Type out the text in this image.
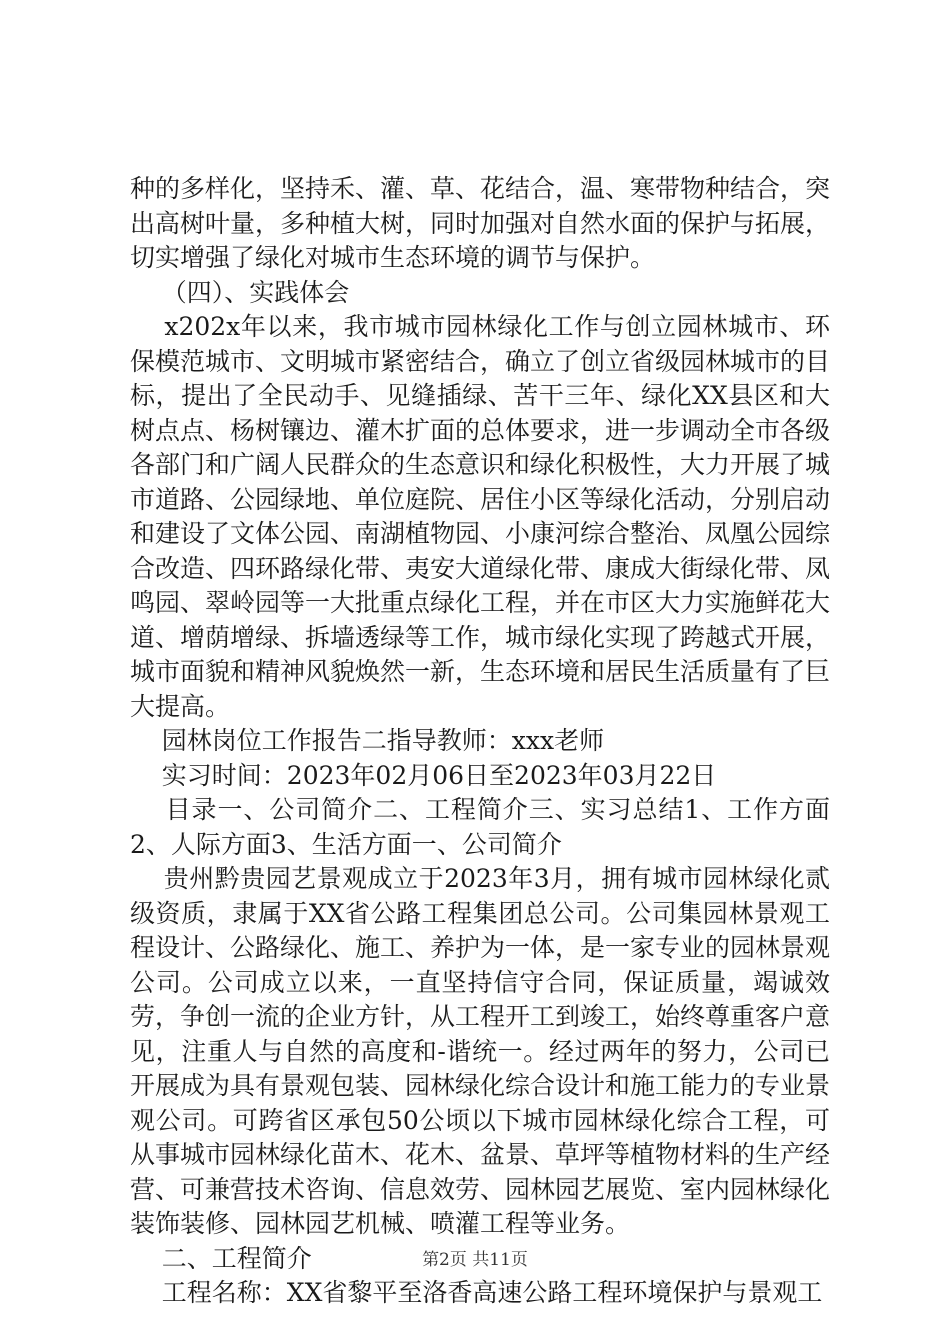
种的多样化，坚持禾、灌、草、花结合，温、寒带物种结合，突出高树叶量，多种植大树，同时加强对自然水面的保护与拓展，切实增强了绿化对城市生态环境的调节与保护。

（四）、实践体会

x202x年以来，我市城市园林绿化工作与创立园林城市、环保模范城市、文明城市紧密结合，确立了创立省级园林城市的目标，提出了全民动手、见缝插绿、苦干三年、绿化XX县区和大树点点、杨树镶边、灌木扩面的总体要求，进一步调动全市各级各部门和广阔人民群众的生态意识和绿化积极性，大力开展了城市道路、公园绿地、单位庭院、居住小区等绿化活动，分别启动和建设了文体公园、南湖植物园、小康河综合整治、凤凰公园综合改造、四环路绿化带、夷安大道绿化带、康成大街绿化带、凤鸣园、翠岭园等一大批重点绿化工程，并在市区大力实施鲜花大道、增荫增绿、拆墙透绿等工作，城市绿化实现了跨越式开展，城市面貌和精神风貌焕然一新，生态环境和居民生活质量有了巨大提高。

园林岗位工作报告二指导教师：xxx老师

实习时间：2023年02月06日至2023年03月22日

目录一、公司简介二、工程简介三、实习总结1、工作方面2、人际方面3、生活方面一、公司简介

贵州黔贵园艺景观成立于2023年3月，拥有城市园林绿化贰级资质，隶属于XX省公路工程集团总公司。公司集园林景观工程设计、公路绿化、施工、养护为一体，是一家专业的园林景观公司。公司成立以来，一直坚持信守合同，保证质量，竭诚效劳，争创一流的企业方针，从工程开工到竣工，始终尊重客户意见，注重人与自然的高度和-谐统一。经过两年的努力，公司已开展成为具有景观包装、园林绿化综合设计和施工能力的专业景观公司。可跨省区承包50公顷以下城市园林绿化综合工程，可从事城市园林绿化苗木、花木、盆景、草坪等植物材料的生产经营、可兼营技术咨询、信息效劳、园林园艺展览、室内园林绿化装饰装修、园林园艺机械、喷灌工程等业务。

二、工程简介

工程名称：XX省黎平至洛香高速公路工程环境保护与景观工

第2页 共11页
